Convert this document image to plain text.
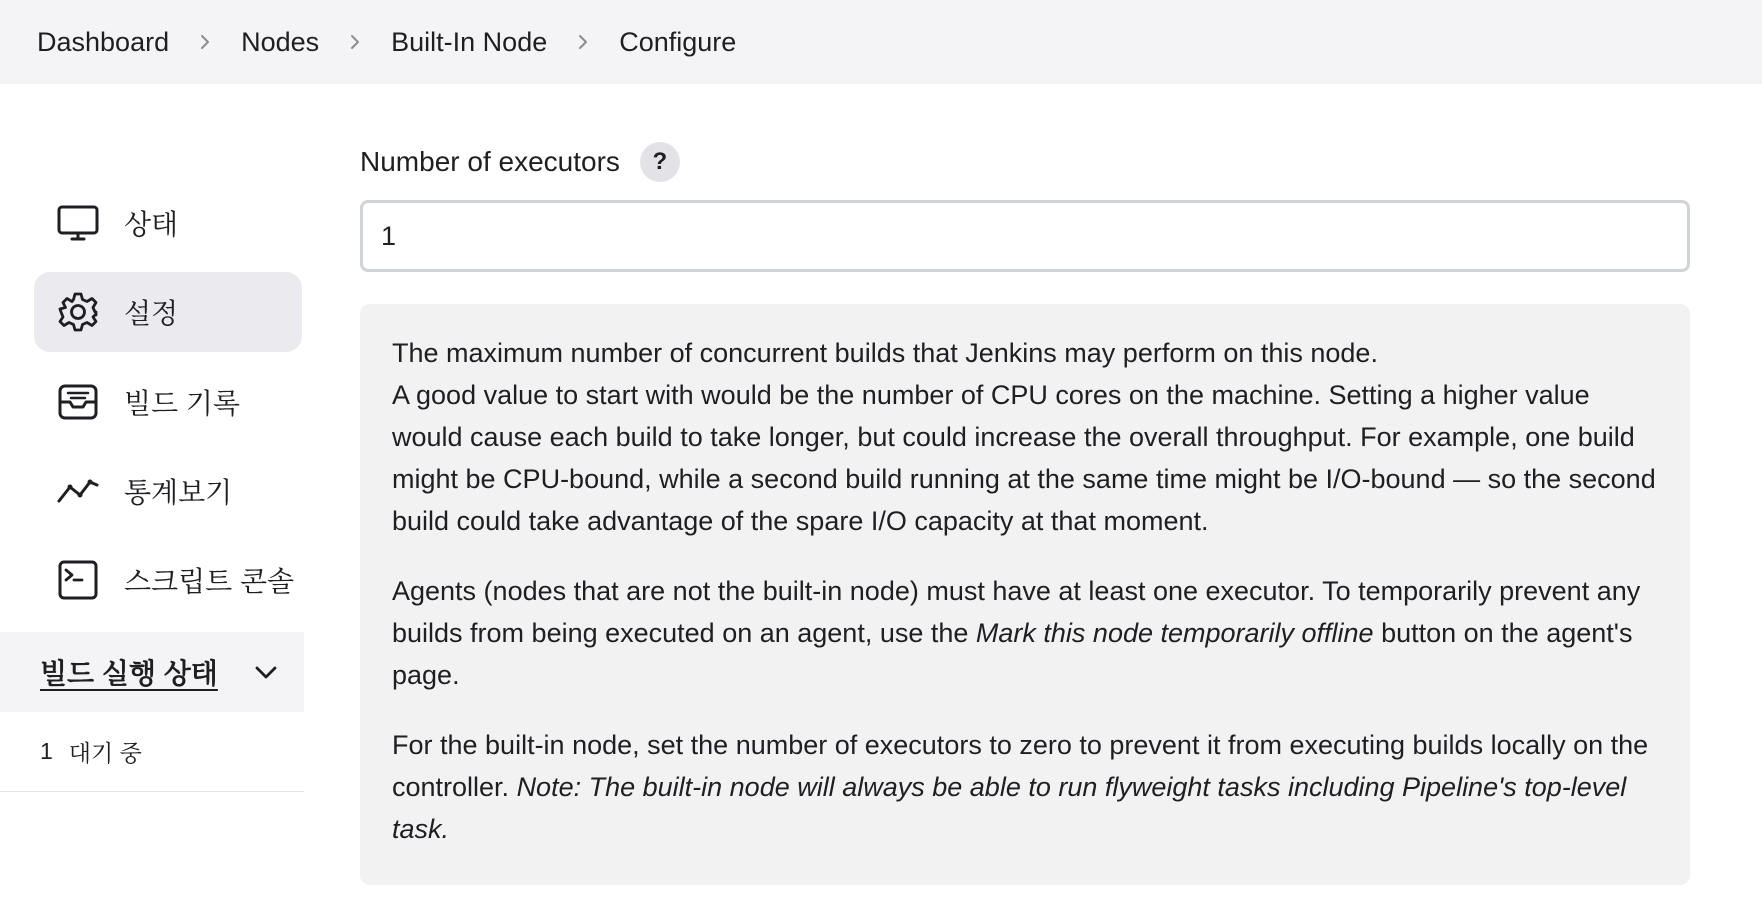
Dashboard	Nodes	Built-In Node	Configure
상태
설정
빌드 기록
통계보기
스크립트 콘솔
빌드 실행 상태
1 대기 중
Number of executors	?
1

The maximum number of concurrent builds that Jenkins may perform on this node.
A good value to start with would be the number of CPU cores on the machine. Setting a higher value would cause each build to take longer, but could increase the overall throughput. For example, one build might be CPU-bound, while a second build running at the same time might be I/O-bound — so the second build could take advantage of the spare I/O capacity at that moment.

Agents (nodes that are not the built-in node) must have at least one executor. To temporarily prevent any builds from being executed on an agent, use the Mark this node temporarily offline button on the agent's page.

For the built-in node, set the number of executors to zero to prevent it from executing builds locally on the controller. Note: The built-in node will always be able to run flyweight tasks including Pipeline's top-level task.
